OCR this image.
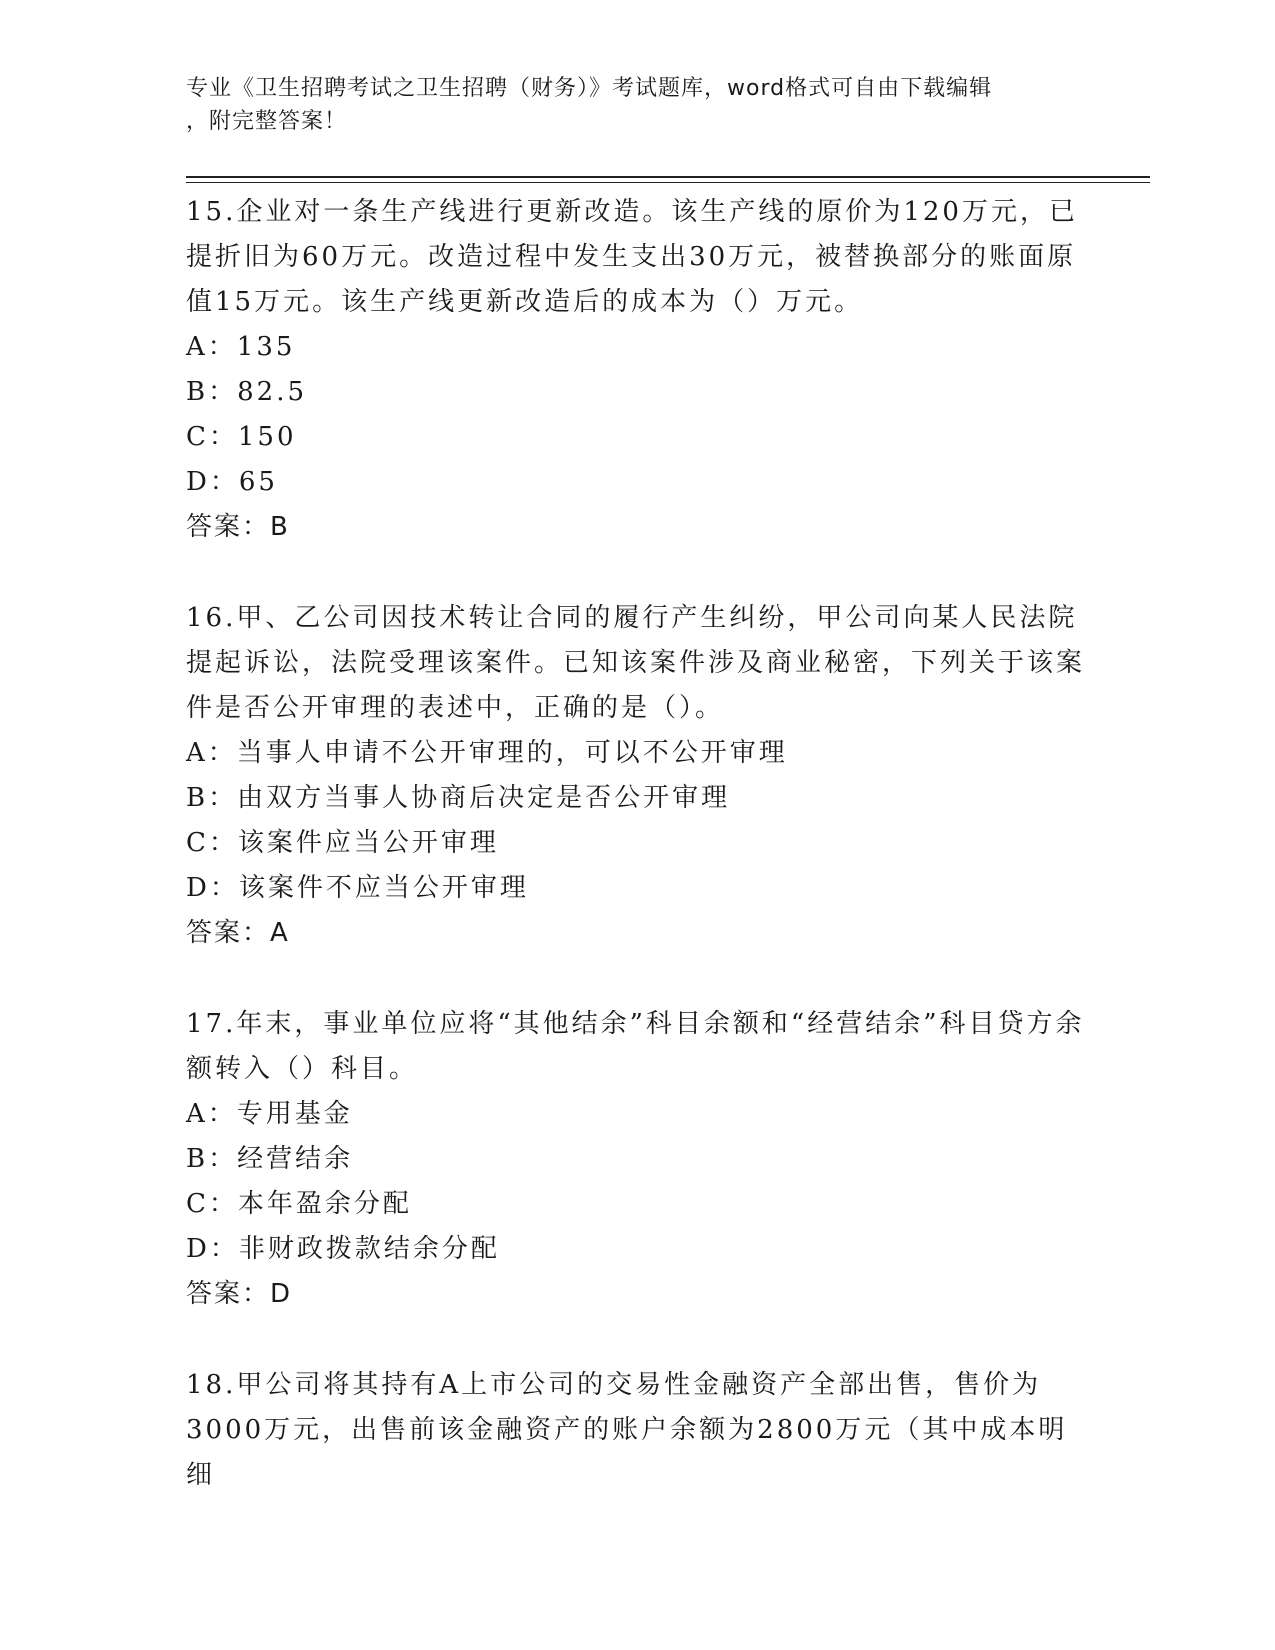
专业《卫生招聘考试之卫生招聘（财务）》考试题库，word格式可自由下载编辑
，附完整答案！

15.企业对一条生产线进行更新改造。该生产线的原价为120万元，已提折旧为60万元。改造过程中发生支出30万元，被替换部分的账面原值15万元。该生产线更新改造后的成本为（）万元。

A：135

B：82.5

C：150

D：65

答案：B

16.甲、乙公司因技术转让合同的履行产生纠纷，甲公司向某人民法院提起诉讼，法院受理该案件。已知该案件涉及商业秘密，下列关于该案件是否公开审理的表述中，正确的是（）。

A：当事人申请不公开审理的，可以不公开审理

B：由双方当事人协商后决定是否公开审理

C：该案件应当公开审理

D：该案件不应当公开审理

答案：A

17.年末，事业单位应将“其他结余”科目余额和“经营结余”科目贷方余额转入（）科目。

A：专用基金

B：经营结余

C：本年盈余分配

D：非财政拨款结余分配

答案：D

18.甲公司将其持有A上市公司的交易性金融资产全部出售，售价为3000万元，出售前该金融资产的账户余额为2800万元（其中成本明细
